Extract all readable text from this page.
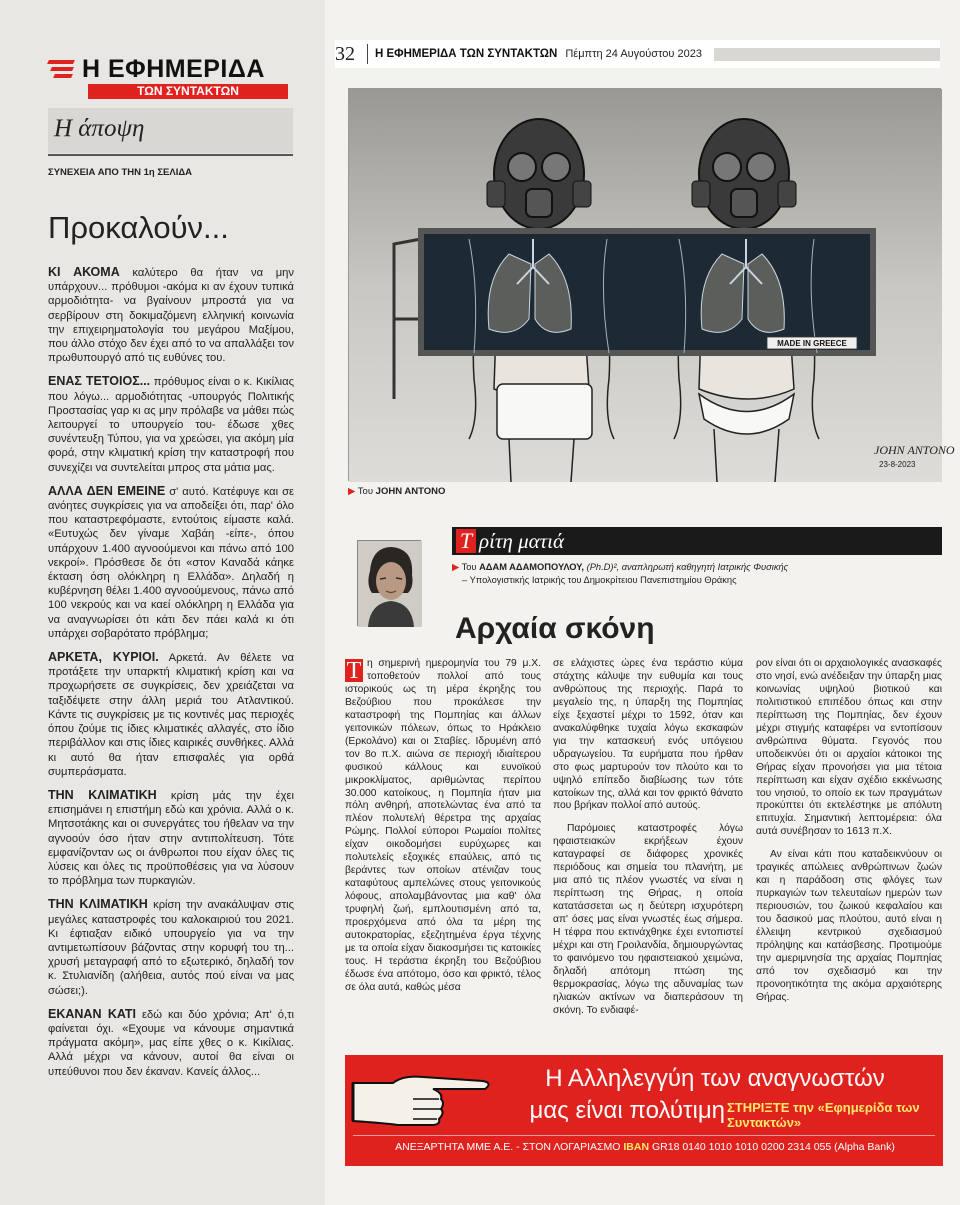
Η ΕΦΗΜΕΡΙΔΑ
ΤΩΝ ΣΥΝΤΑΚΤΩΝ
Η άποψη
ΣΥΝΕΧΕΙΑ ΑΠΟ ΤΗΝ 1η ΣΕΛΙΔΑ
Προκαλούν...

ΚΙ ΑΚΟΜΑ καλύτερο θα ήταν να μην υπάρχουν... πρόθυμοι -ακόμα κι αν έχουν τυπικά αρμοδιότητα- να βγαίνουν μπροστά για να σερβίρουν στη δοκιμαζόμενη ελληνική κοινωνία την επιχειρηματολογία του μεγάρου Μαξίμου, που άλλο στόχο δεν έχει από το να απαλλάξει τον πρωθυπουργό από τις ευθύνες του.

ΕΝΑΣ ΤΕΤΟΙΟΣ... πρόθυμος είναι ο κ. Κικίλιας που λόγω... αρμοδιότητας -υπουργός Πολιτικής Προστασίας γαρ κι ας μην πρόλαβε να μάθει πώς λειτουργεί το υπουργείο του- έδωσε χθες συνέντευξη Τύπου, για να χρεώσει, για ακόμη μία φορά, στην κλιματική κρίση την καταστροφή που συνεχίζει να συντελείται μπρος στα μάτια μας.

ΑΛΛΑ ΔΕΝ ΕΜΕΙΝΕ σ' αυτό. Κατέφυγε και σε ανόητες συγκρίσεις για να αποδείξει ότι, παρ' όλο που καταστρεφόμαστε, εντούτοις είμαστε καλά. «Ευτυχώς δεν γίναμε Χαβάη -είπε-, όπου υπάρχουν 1.400 αγνοούμενοι και πάνω από 100 νεκροί». Πρόσθεσε δε ότι «στον Καναδά κάηκε έκταση όση ολόκληρη η Ελλάδα». Δηλαδή η κυβέρνηση θέλει 1.400 αγνοούμενους, πάνω από 100 νεκρούς και να καεί ολόκληρη η Ελλάδα για να αναγνωρίσει ότι κάτι δεν πάει καλά κι ότι υπάρχει σοβαρότατο πρόβλημα;

ΑΡΚΕΤΑ, ΚΥΡΙΟΙ. Αρκετά. Αν θέλετε να προτάξετε την υπαρκτή κλιματική κρίση και να προχωρήσετε σε συγκρίσεις, δεν χρειάζεται να ταξιδέψετε στην άλλη μεριά του Ατλαντικού. Κάντε τις συγκρίσεις με τις κοντινές μας περιοχές όπου ζούμε τις ίδιες κλιματικές αλλαγές, στο ίδιο περιβάλλον και στις ίδιες καιρικές συνθήκες. Αλλά κι αυτό θα ήταν επισφαλές για ορθά συμπεράσματα.

ΤΗΝ ΚΛΙΜΑΤΙΚΗ κρίση μάς την έχει επισημάνει η επιστήμη εδώ και χρόνια. Αλλά ο κ. Μητσοτάκης και οι συνεργάτες του ήθελαν να την αγνοούν όσο ήταν στην αντιπολίτευση. Τότε εμφανίζονταν ως οι άνθρωποι που είχαν όλες τις λύσεις και όλες τις προϋποθέσεις για να λύσουν το πρόβλημα των πυρκαγιών.

ΤΗΝ ΚΛΙΜΑΤΙΚΗ κρίση την ανακάλυψαν στις μεγάλες καταστροφές του καλοκαιριού του 2021. Κι έφτιαξαν ειδικό υπουργείο για να την αντιμετωπίσουν βάζοντας στην κορυφή του τη... χρυσή μεταγραφή από το εξωτερικό, δηλαδή τον κ. Στυλιανίδη (αλήθεια, αυτός πού είναι να μας σώσει;).

ΕΚΑΝΑΝ ΚΑΤΙ εδώ και δύο χρόνια; Απ' ό,τι φαίνεται όχι. «Εχουμε να κάνουμε σημαντικά πράγματα ακόμη», μας είπε χθες ο κ. Κικίλιας. Αλλά μέχρι να κάνουν, αυτοί θα είναι οι υπεύθυνοι που δεν έκαναν. Κανείς άλλος...

32	Η ΕΦΗΜΕΡΙΔΑ ΤΩΝ ΣΥΝΤΑΚΤΩΝ Πέμπτη 24 Αυγούστου 2023
MADE IN GREECE
JOHN ANTONO
23-8-2023
▶ Του JOHN ANTONO
Τ ρίτη ματιά
▶ Του ΑΔΑΜ ΑΔΑΜΟΠΟΥΛΟΥ, (Ph.D)², αναπληρωτή καθηγητή Ιατρικής Φυσικής
– Υπολογιστικής Ιατρικής του Δημοκρίτειου Πανεπιστημίου Θράκης
Αρχαία σκόνη

Τ η σημερινή ημερομηνία του 79 μ.Χ. τοποθετούν πολλοί από τους ιστορικούς ως τη μέρα έκρηξης του Βεζούβιου που προκάλεσε την καταστροφή της Πομπηίας και άλλων γειτονικών πόλεων, όπως το Ηράκλειο (Ερκολάνο) και οι Σταβίες. Ιδρυμένη από τον 8ο π.Χ. αιώνα σε περιοχή ιδιαίτερου φυσικού κάλλους και ευνοϊκού μικροκλίματος, αριθμώντας περίπου 30.000 κατοίκους, η Πομπηία ήταν μια πόλη ανθηρή, αποτελώντας ένα από τα πλέον πολυτελή θέρετρα της αρχαίας Ρώμης. Πολλοί εύποροι Ρωμαίοι πολίτες είχαν οικοδομήσει ευρύχωρες και πολυτελείς εξοχικές επαύλεις, από τις βεράντες των οποίων ατένιζαν τους καταφύτους αμπελώνες στους γειτονικούς λόφους, απολαμβάνοντας μια καθ' όλα τρυφηλή ζωή, εμπλουτισμένη από τα, προερχόμενα από όλα τα μέρη της αυτοκρατορίας, εξεζητημένα έργα τέχνης με τα οποία είχαν διακοσμήσει τις κατοικίες τους. Η τεράστια έκρηξη του Βεζούβιου έδωσε ένα απότομο, όσο και φρικτό, τέλος σε όλα αυτά, καθώς μέσα

σε ελάχιστες ώρες ένα τεράστιο κύμα στάχτης κάλυψε την ευθυμία και τους ανθρώπους της περιοχής. Παρά το μεγαλείο της, η ύπαρξη της Πομπηίας είχε ξεχαστεί μέχρι το 1592, όταν και ανακαλύφθηκε τυχαία λόγω εκσκαφών για την κατασκευή ενός υπόγειου υδραγωγείου. Τα ευρήματα που ήρθαν στο φως μαρτυρούν τον πλούτο και το υψηλό επίπεδο διαβίωσης των τότε κατοίκων της, αλλά και τον φρικτό θάνατο που βρήκαν πολλοί από αυτούς.

Παρόμοιες καταστροφές λόγω ηφαιστειακών εκρήξεων έχουν καταγραφεί σε διάφορες χρονικές περιόδους και σημεία του πλανήτη, με μια από τις πλέον γνωστές να είναι η περίπτωση της Θήρας, η οποία κατατάσσεται ως η δεύτερη ισχυρότερη απ' όσες μας είναι γνωστές έως σήμερα. Η τέφρα που εκτινάχθηκε έχει εντοπιστεί μέχρι και στη Γροιλανδία, δημιουργώντας το φαινόμενο του ηφαιστειακού χειμώνα, δηλαδή απότομη πτώση της θερμοκρασίας, λόγω της αδυναμίας των ηλιακών ακτίνων να διαπεράσουν τη σκόνη. Το ενδιαφέ-

ρον είναι ότι οι αρχαιολογικές ανασκαφές στο νησί, ενώ ανέδειξαν την ύπαρξη μιας κοινωνίας υψηλού βιοτικού και πολιτιστικού επιπέδου όπως και στην περίπτωση της Πομπηίας, δεν έχουν μέχρι στιγμής καταφέρει να εντοπίσουν ανθρώπινα θύματα. Γεγονός που υποδεικνύει ότι οι αρχαίοι κάτοικοι της Θήρας είχαν προνοήσει για μια τέτοια περίπτωση και είχαν σχέδιο εκκένωσης του νησιού, το οποίο εκ των πραγμάτων προκύπτει ότι εκτελέστηκε με απόλυτη επιτυχία. Σημαντική λεπτομέρεια: όλα αυτά συνέβησαν το 1613 π.Χ.

Αν είναι κάτι που καταδεικνύουν οι τραγικές απώλειες ανθρώπινων ζωών και η παράδοση στις φλόγες των πυρκαγιών των τελευταίων ημερών των περιουσιών, του ζωικού κεφαλαίου και του δασικού μας πλούτου, αυτό είναι η έλλειψη κεντρικού σχεδιασμού πρόληψης και κατάσβεσης. Προτιμούμε την αμεριμνησία της αρχαίας Πομπηίας από τον σχεδιασμό και την προνοητικότητα της ακόμα αρχαιότερης Θήρας.

Η Αλληλεγγύη των αναγνωστών
μας είναι πολύτιμη ΣΤΗΡΙΞΤΕ την «Εφημερίδα των Συντακτών»
ΑΝΕΞΑΡΤΗΤΑ ΜΜΕ Α.Ε. - ΣΤΟΝ ΛΟΓΑΡΙΑΣΜΟ IBAN GR18 0140 1010 1010 0200 2314 055 (Alpha Bank)
